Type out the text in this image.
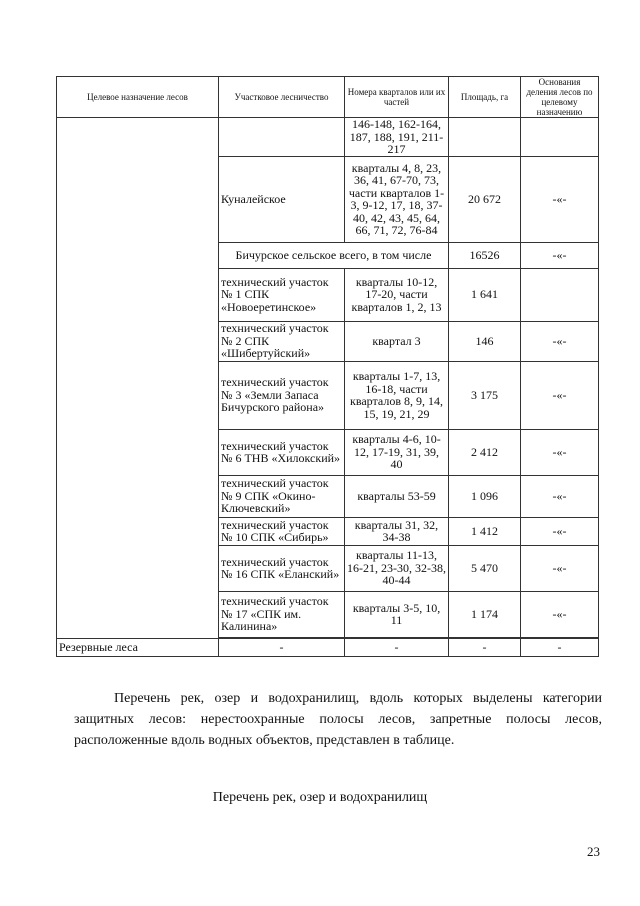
Целевое назначение лесов	Участковое лесничество	Номера кварталов или их частей	Площадь, га	Основания деления лесов по целевому назначению
		146-148, 162-164, 187, 188, 191, 211-217		
	Куналейское	кварталы 4, 8, 23, 36, 41, 67-70, 73, части кварталов 1-3, 9-12, 17, 18, 37-40, 42, 43, 45, 64, 66, 71, 72, 76-84	20 672	-«-
	Бичурское сельское всего, в том числе		16526	-«-
	технический участок № 1 СПК «Новоеретинское»	кварталы 10-12, 17-20, части кварталов 1, 2, 13	1 641	
	технический участок № 2 СПК «Шибертуйский»	квартал 3	146	-«-
	технический участок № 3 «Земли Запаса Бичурского района»	кварталы 1-7, 13, 16-18, части кварталов 8, 9, 14, 15, 19, 21, 29	3 175	-«-
	технический участок № 6 ТНВ «Хилокский»	кварталы 4-6, 10-12, 17-19, 31, 39, 40	2 412	-«-
	технический участок № 9 СПК «Окино-Ключевский»	кварталы 53-59	1 096	-«-
	технический участок № 10 СПК «Сибирь»	кварталы 31, 32, 34-38	1 412	-«-
	технический участок № 16 СПК «Еланский»	кварталы 11-13, 16-21, 23-30, 32-38, 40-44	5 470	-«-
	технический участок № 17 «СПК им. Калинина»	кварталы 3-5, 10, 11	1 174	-«-

Резервные леса	-	-	-	-
Перечень рек, озер и водохранилищ, вдоль которых выделены категории защитных лесов: нерестоохранные полосы лесов, запретные полосы лесов, расположенные вдоль водных объектов, представлен в таблице.
Перечень рек, озер и водохранилищ
23
